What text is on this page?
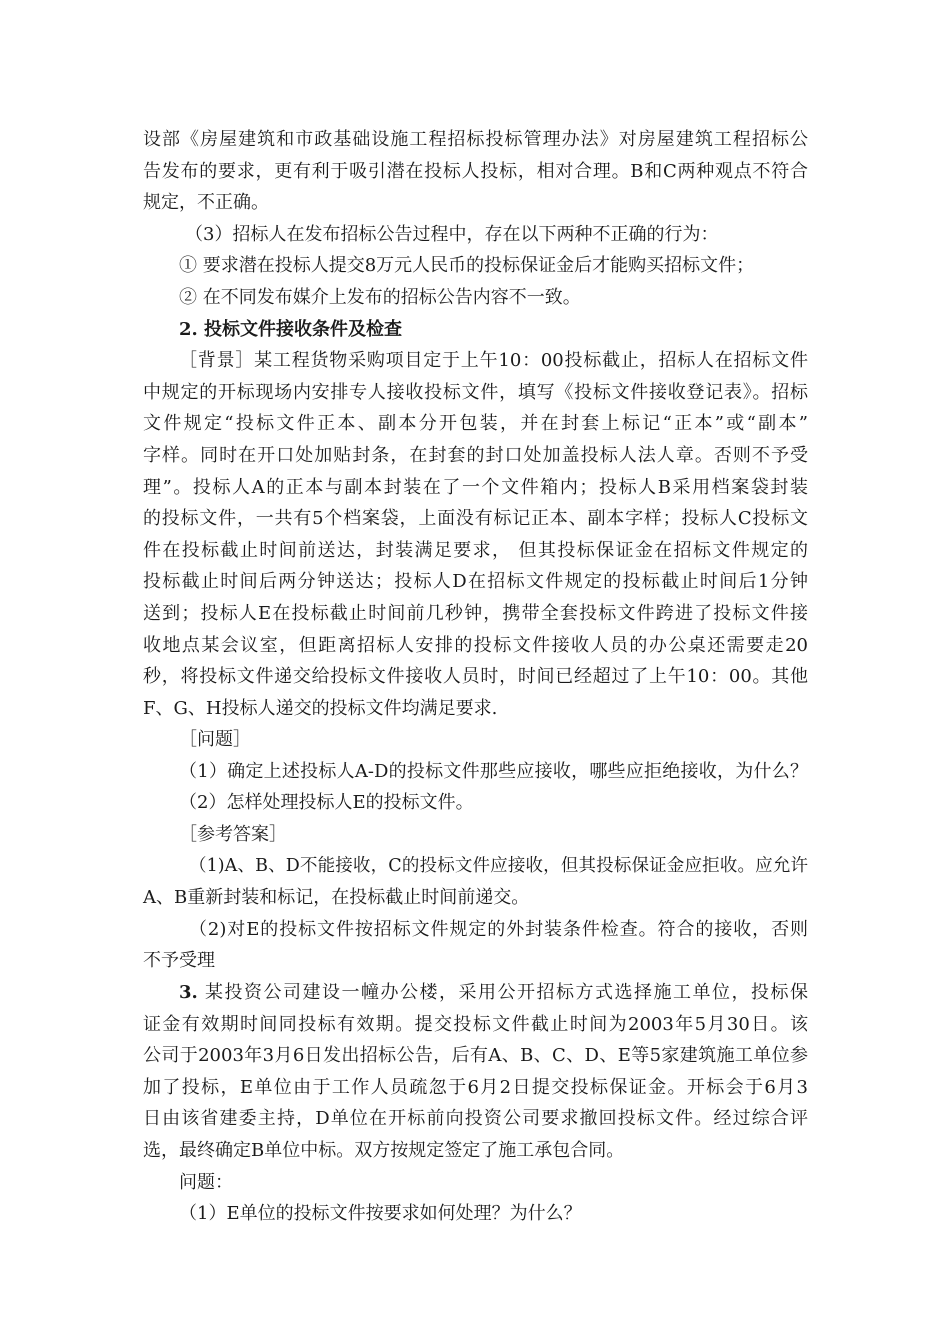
设部《房屋建筑和市政基础设施工程招标投标管理办法》对房屋建筑工程招标公
告发布的要求，更有利于吸引潜在投标人投标，相对合理。B和C两种观点不符合
规定，不正确。
（3）招标人在发布招标公告过程中，存在以下两种不正确的行为：
① 要求潜在投标人提交8万元人民币的投标保证金后才能购买招标文件；
② 在不同发布媒介上发布的招标公告内容不一致。
2. 投标文件接收条件及检查
［背景］某工程货物采购项目定于上午10：00投标截止，招标人在招标文件
中规定的开标现场内安排专人接收投标文件，填写《投标文件接收登记表》。招标
文件规定“投标文件正本、副本分开包装，并在封套上标记“正本”或“副本”
字样。同时在开口处加贴封条，在封套的封口处加盖投标人法人章。否则不予受
理”。投标人A的正本与副本封装在了一个文件箱内；投标人B采用档案袋封装
的投标文件，一共有5个档案袋，上面没有标记正本、副本字样；投标人C投标文
件在投标截止时间前送达，封装满足要求， 但其投标保证金在招标文件规定的
投标截止时间后两分钟送达；投标人D在招标文件规定的投标截止时间后1分钟
送到；投标人E在投标截止时间前几秒钟，携带全套投标文件跨进了投标文件接
收地点某会议室，但距离招标人安排的投标文件接收人员的办公桌还需要走20
秒，将投标文件递交给投标文件接收人员时，时间已经超过了上午10：00。其他
F、G、H投标人递交的投标文件均满足要求.
［问题］
（1）确定上述投标人A-D的投标文件那些应接收，哪些应拒绝接收，为什么？
（2）怎样处理投标人E的投标文件。
［参考答案］
（1)A、B、D不能接收，C的投标文件应接收，但其投标保证金应拒收。应允许
A、B重新封装和标记，在投标截止时间前递交。
（2)对E的投标文件按招标文件规定的外封装条件检查。符合的接收，否则
不予受理
3. 某投资公司建设一幢办公楼，采用公开招标方式选择施工单位，投标保
证金有效期时间同投标有效期。提交投标文件截止时间为2003年5月30日。该
公司于2003年3月6日发出招标公告，后有A、B、C、D、E等5家建筑施工单位参
加了投标，E单位由于工作人员疏忽于6月2日提交投标保证金。开标会于6月3
日由该省建委主持，D单位在开标前向投资公司要求撤回投标文件。经过综合评
选，最终确定B单位中标。双方按规定签定了施工承包合同。
问题：
（1）E单位的投标文件按要求如何处理？为什么？
